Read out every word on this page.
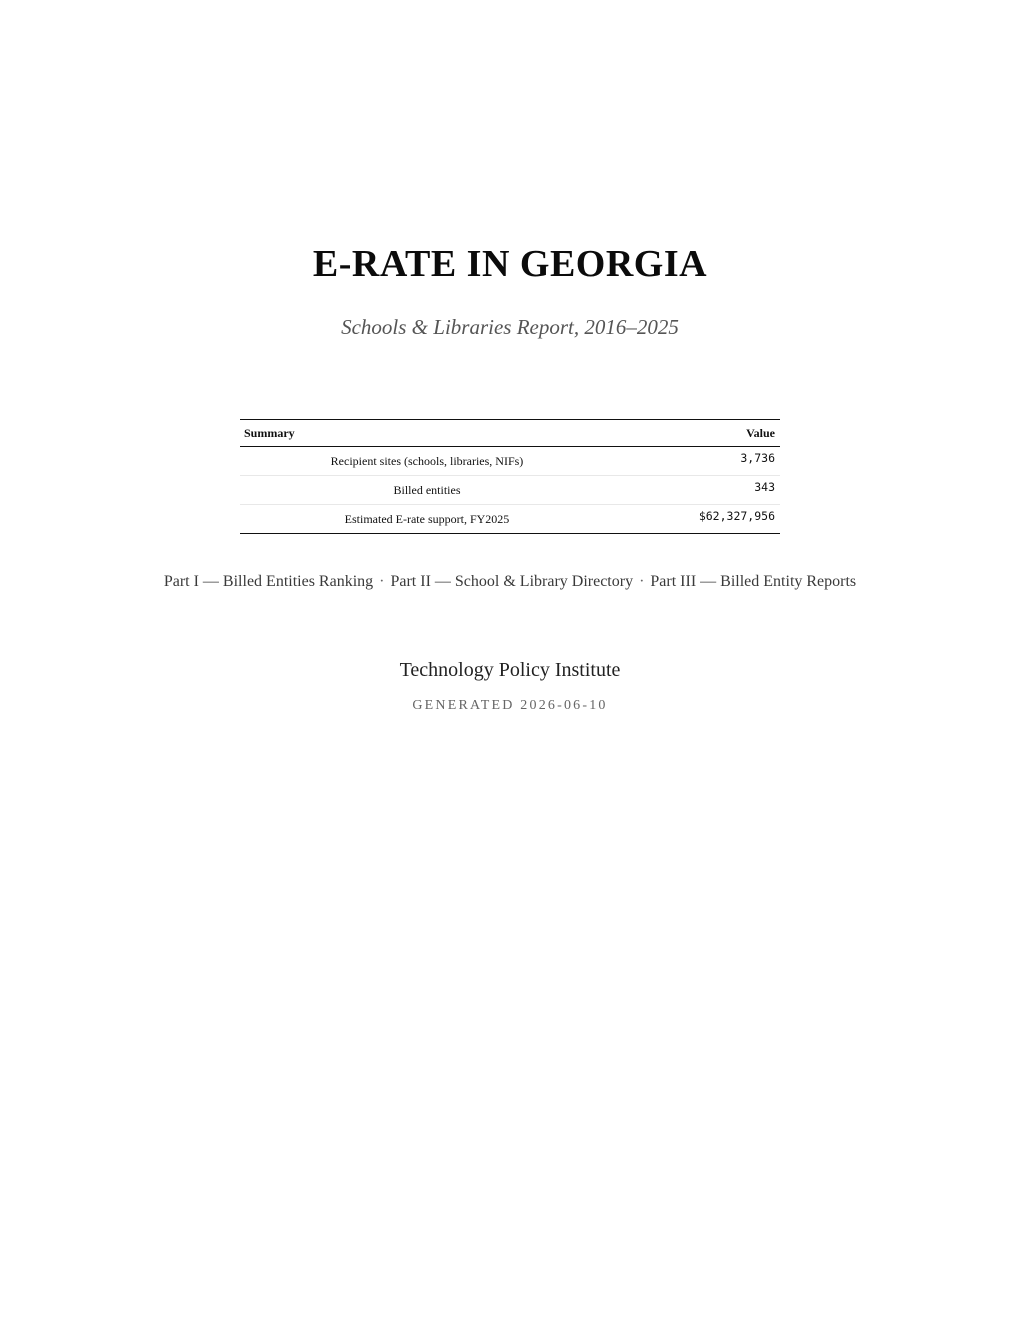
E-RATE IN GEORGIA
Schools & Libraries Report, 2016–2025
Summary	Value
Recipient sites (schools, libraries, NIFs)	3,736
Billed entities	343
Estimated E-rate support, FY2025	$62,327,956
Part I — Billed Entities Ranking · Part II — School & Library Directory · Part III — Billed Entity Reports
Technology Policy Institute
GENERATED 2026-06-10
